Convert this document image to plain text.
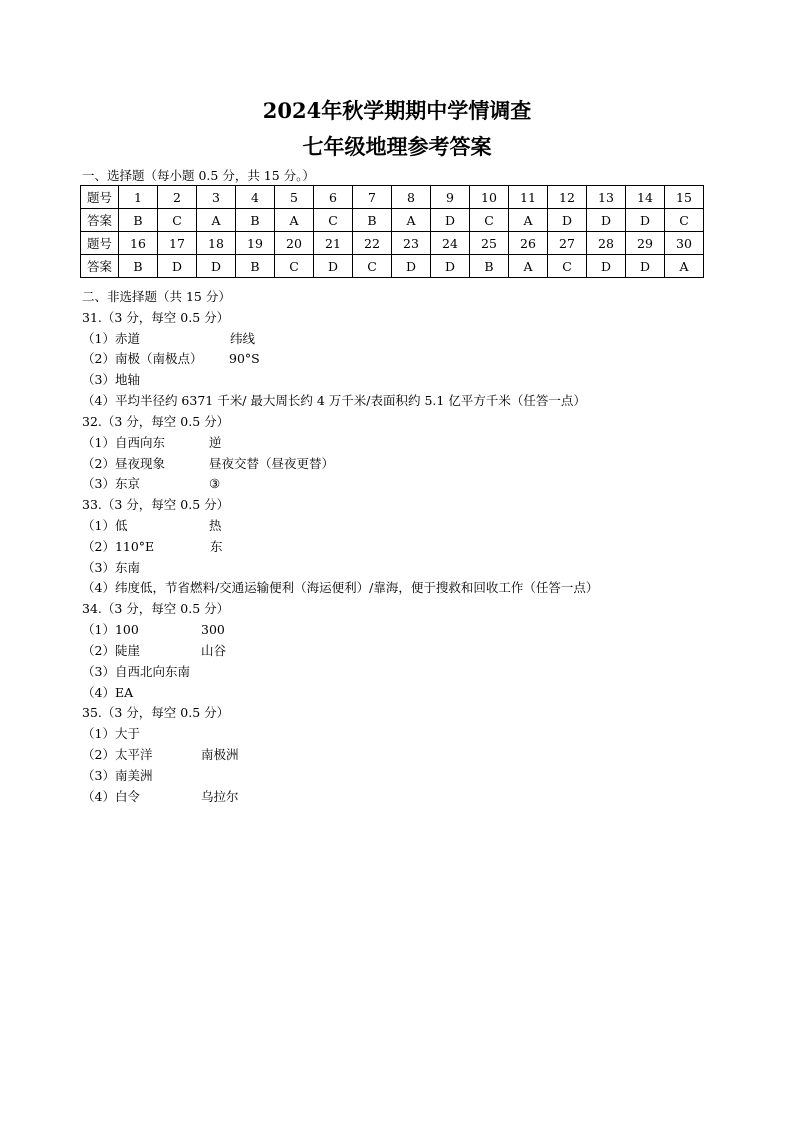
2024年秋学期期中学情调查
七年级地理参考答案
一、选择题（每小题 0.5 分，共 15 分。）
题号	1	2	3	4	5	6	7	8	9	10	11	12	13	14	15
答案	B	C	A	B	A	C	B	A	D	C	A	D	D	D	C
题号	16	17	18	19	20	21	22	23	24	25	26	27	28	29	30
答案	B	D	D	B	C	D	C	D	D	B	A	C	D	D	A
二、非选择题（共 15 分）
31.（3 分，每空 0.5 分）
（1）赤道	纬线
（2）南极（南极点） 90°S
（3）地轴
（4）平均半径约 6371 千米/ 最大周长约 4 万千米/表面积约 5.1 亿平方千米（任答一点）
32.（3 分，每空 0.5 分）
（1）自西向东	逆
（2）昼夜现象	昼夜交替（昼夜更替）
（3）东京	③
33.（3 分，每空 0.5 分）
（1）低	热
（2）110°E	东
（3）东南
（4）纬度低，节省燃料/交通运输便利（海运便利）/靠海，便于搜救和回收工作（任答一点）
34.（3 分，每空 0.5 分）
（1）100	300
（2）陡崖	山谷
（3）自西北向东南
（4）EA
35.（3 分，每空 0.5 分）
（1）大于
（2）太平洋	南极洲
（3）南美洲
（4）白令	乌拉尔
